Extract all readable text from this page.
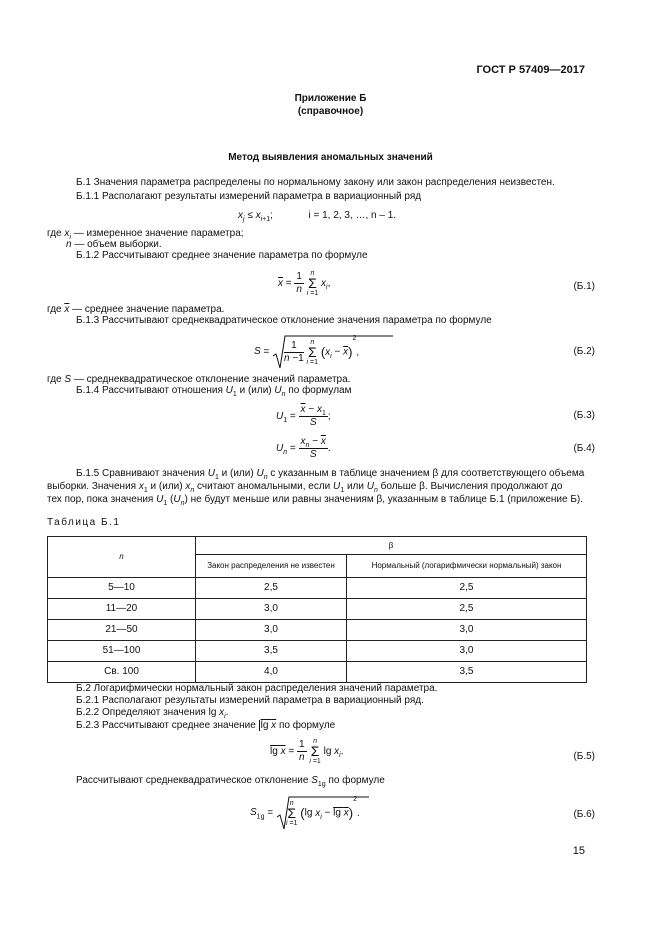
ГОСТ Р 57409—2017
Приложение Б
(справочное)
Метод выявления аномальных значений
Б.1 Значения параметра распределены по нормальному закону или закон распределения неизвестен.
Б.1.1 Располагают результаты измерений параметра в вариационный ряд
$x_j \le x_{i+1}$;	i = 1, 2, 3, …, n – 1.
где $x_i$ — измеренное значение параметра;
n — объем выборки.
Б.1.2 Рассчитывают среднее значение параметра по формуле
$\overline{x} = \frac{1}{n}$ n
Σ
i =1 $x_i$,	(Б.1)
где $\overline{x}$ — среднее значение параметра.
Б.1.3 Рассчитывают среднеквадратическое отклонение значения параметра по формуле
$S = \frac{1}{n -1}$ n
Σ
i =1 $(x_i - \overline{x})^2$,	(Б.2)
где S — среднеквадратическое отклонение значений параметра.
Б.1.4 Рассчитывают отношения $U_1$ и (или) $U_n$ по формулам
$U_1 = \frac{\overline{x} - x_1}{S}$ ;	(Б.3)
$U_n = \frac{x_n - \overline{x}}{S}$ .	(Б.4)
Б.1.5 Сравнивают значения $U_1$ и (или) $U_n$ с указанным в таблице значением β для соответствующего объема
выборки. Значения $x_1$ и (или) $x_n$ считают аномальными, если $U_1$ или $U_n$ больше β. Вычисления продолжают до
тех пор, пока значения $U_1$ $(U_n)$ не будут меньше или равны значениям β, указанным в таблице Б.1 (приложение Б).
Таблица Б.1
n	β	
	Закон распределения не известен	Нормальный (логарифмически нормальный) закон
5—10	2,5	2,5
11—20	3,0	2,5
21—50	3,0	3,0
51—100	3,5	3,0
Св. 100	4,0	3,5
Б.2 Логарифмически нормальный закон распределения значений параметра.
Б.2.1 Располагают результаты измерений параметра в вариационный ряд.
Б.2.2 Определяют значения $\lg x_i$.
Б.2.3 Рассчитывают среднее значение lg x по формуле
$\lg x = \frac{1}{n}$ n
Σ
i =1 $\lg x_i$.	(Б.5)
Рассчитывают среднеквадратическое отклонение $S_{1g}$ по формуле
$S_{1g}$ =
n
Σ
i =1 (lg $x_i - \lg x)^2$.	(Б.6)
15
